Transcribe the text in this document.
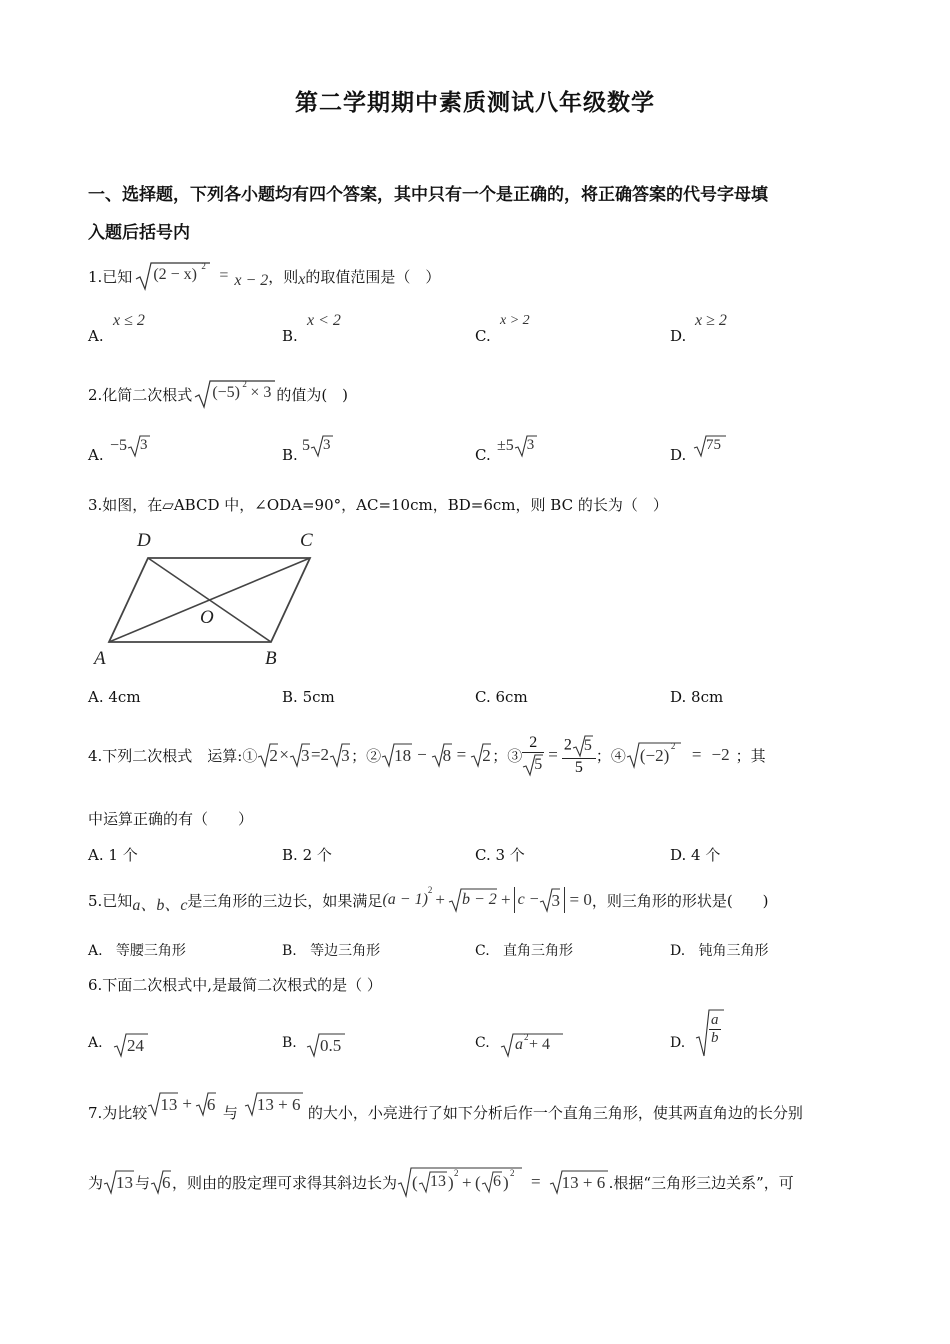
第二学期期中素质测试八年级数学
一、选择题，下列各小题均有四个答案，其中只有一个是正确的，将正确答案的代号字母填
入题后括号内
1.已知 (2 − x) 2
= x − 2 ，则 x 的取值范围是（　）
A.
x ≤ 2
B.
x < 2
C.
x > 2
D.
x ≥ 2
2.化简二次根式 (−5) 2 × 3 的值为(　)
A.
−5 3
B.
5 3
C.
±5 3
D.
75
3.如图，在▱ABCD 中，∠ODA=90°，AC=10cm，BD=6cm，则 BC 的长为（　）
D	C
O
A	B
A. 4cm	B. 5cm	C. 6cm	D. 8cm
4.下列二次根式　运算:① 2 × 3 =2 3 ；② 18 − 8 = 2 ；③ $\frac{2}{5} = \frac{2 5}{5}$ ；④ (−2) 2 = −2 ；其
中运算正确的有（　　）
A. 1 个	B. 2 个	C. 3 个	D. 4 个
5.已知 a、b、c 是三角形的三边长，如果满足 (a − 1)
2 + b − 2 + c − 3 = 0 ，则三角形的形状是(　　)
A. 等腰三角形	B. 等边三角形	C. 直角三角形	D. 钝角三角形
6.下面二次根式中,是最简二次根式的是（ ）
A. 24	B. 0.5	C. a 2 + 4	D. $\frac{a}{b}$
7.为比较 13 + 6 与 13 + 6 的大小，小亮进行了如下分析后作一个直角三角形，使其两直角边的长分别
为 13 与 6 ，则由的股定理可求得其斜边长为 ( 13 ) 2 + ( 6 ) 2 = 13 + 6 .根据“三角形三边关系”，可
